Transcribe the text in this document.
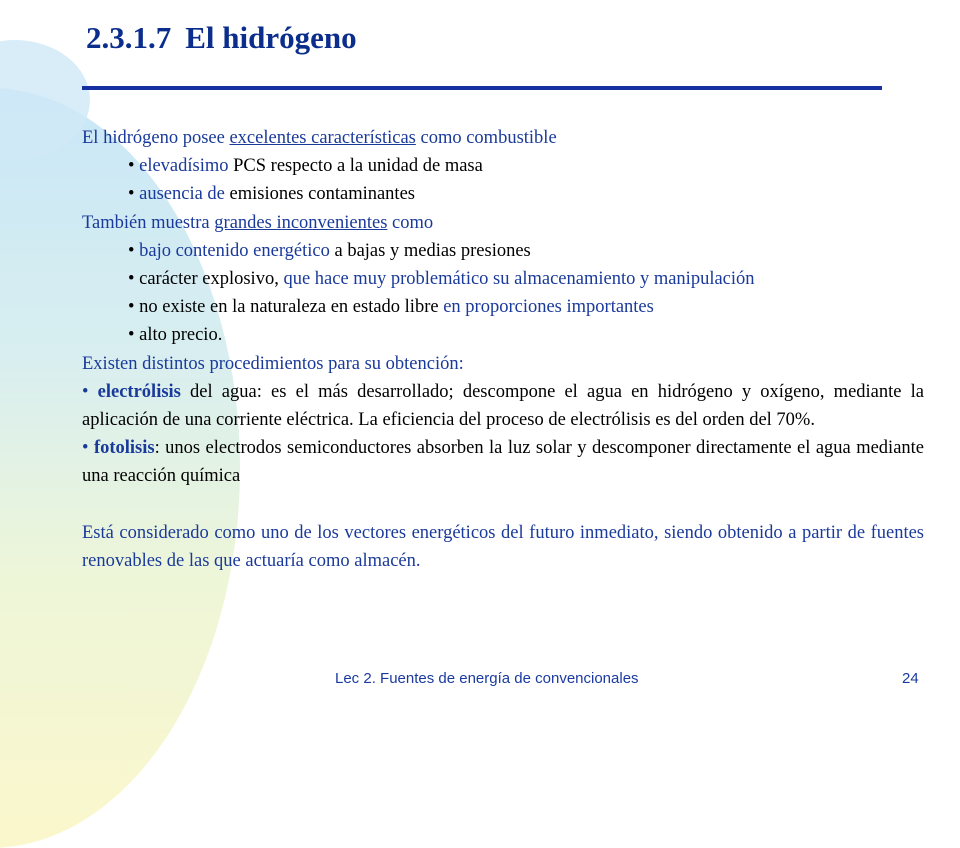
2.3.1.7 El hidrógeno
El hidrógeno posee excelentes características como combustible
• elevadísimo PCS respecto a la unidad de masa
• ausencia de emisiones contaminantes
También muestra grandes inconvenientes como
• bajo contenido energético a bajas y medias presiones
• carácter explosivo, que hace muy problemático su almacenamiento y manipulación
• no existe en la naturaleza en estado libre en proporciones importantes
• alto precio.
Existen distintos procedimientos para su obtención:
• electrólisis del agua: es el más desarrollado; descompone el agua en hidrógeno y oxígeno, mediante la aplicación de una corriente eléctrica. La eficiencia del proceso de electrólisis es del orden del 70%.
• fotolisis: unos electrodos semiconductores absorben la luz solar y descomponer directamente el agua mediante una reacción química
Está considerado como uno de los vectores energéticos del futuro inmediato, siendo obtenido a partir de fuentes renovables de las que actuaría como almacén.
Lec 2. Fuentes de energía de convencionales	24
